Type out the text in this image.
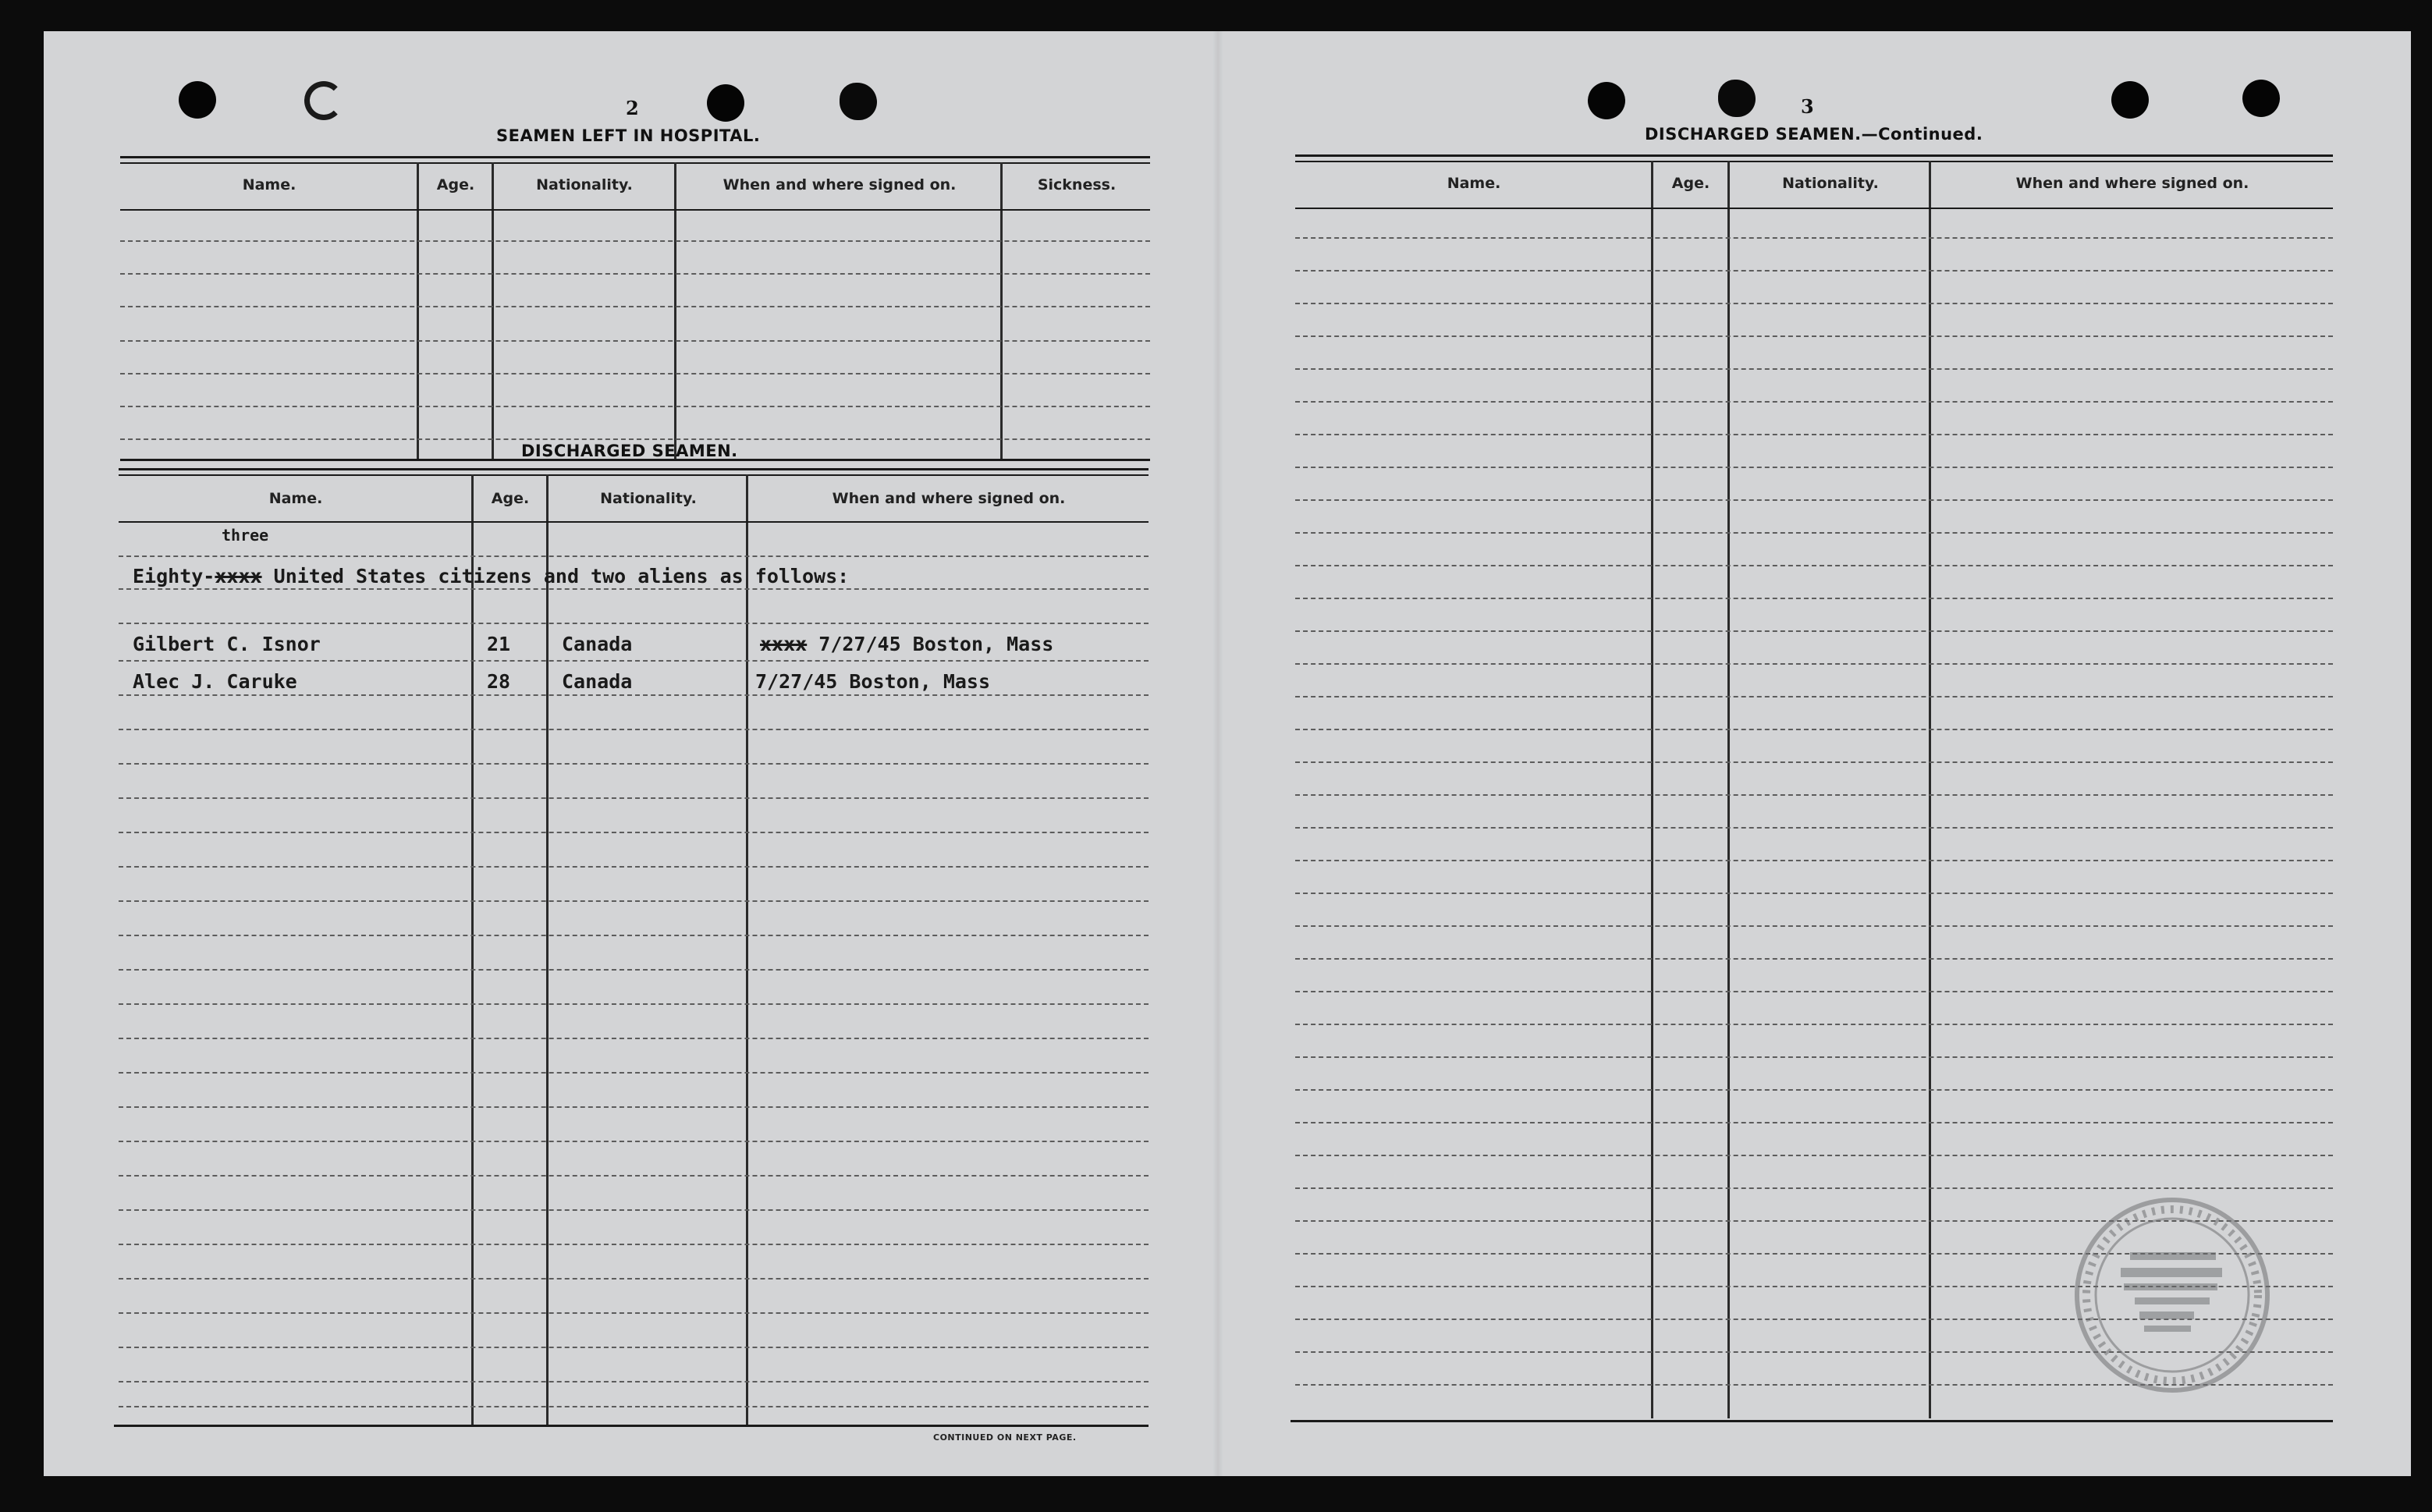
2
SEAMEN LEFT IN HOSPITAL.
Name.	Age.	Nationality.	When and where signed on.	Sickness.
DISCHARGED SEAMEN.
Name.	Age.	Nationality.	When and where signed on.
three
Eighty-xxxx United States citizens and two aliens as follows:
Gilbert C. Isnor	21	Canada	xxxx 7/27/45 Boston, Mass
Alec J. Caruke	28	Canada	7/27/45 Boston, Mass
CONTINUED ON NEXT PAGE.
3
DISCHARGED SEAMEN.—Continued.
Name.	Age.	Nationality.	When and where signed on.
